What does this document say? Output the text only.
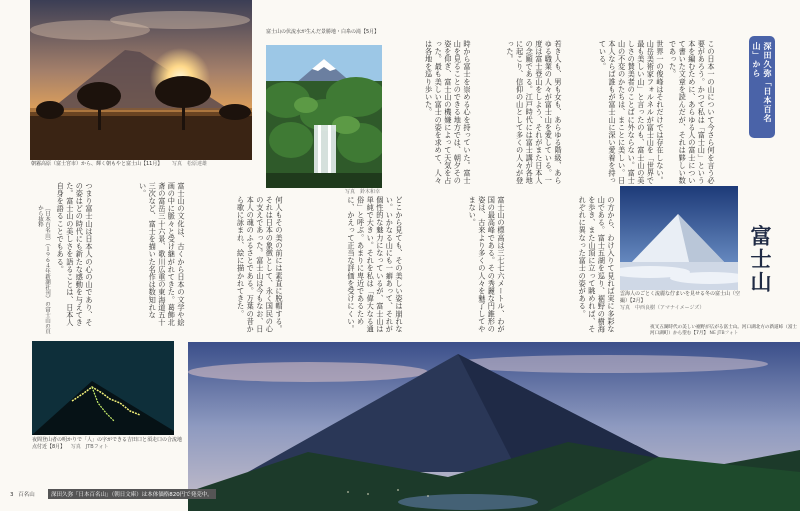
朝霧高原（富士宮市）から、輝く朝もやと富士山【11月】 写真　松原達雄
富士山の伏流水が生んだ景勝地・白糸の滝【5月】
写真　鈴木和幸
この日本一の山について今さら何を言う必要があろう。かつて私は「富士山」という本を編むために、あらゆる人の富士について書いた文章を読んだが、それは夥しい数であった。
世界一の俊峰はそれだけでは存在しない。山岳美術家フォルネルが富士山を「世界で最も美しい山」と言ったのも、富士山の美しさの賛美者のことばに外ならない。富士山の不変のかたちは、まことに美しい。日本人ならば誰もが富士山に深い愛着を持っている。
若き人も、男も女も、あらゆる階級、あらゆる職業の人々が富士山を愛している。一度は富士登山をしよう、それがまた日本人の念願である。江戸時代には富士講が各地に起こり、信仰の山として多くの人々が登った。
時から富士を崇める心を持っていた。富士山を見ることのできる地方では、朝夕その姿を仰ぎ、富士山の機嫌によって天気を占った。最も美しい富士の姿を求めて、人々は各地を巡り歩いた。	深田久弥「日本百名山」から
富士山
雲海人のごとく流麗な佇まいを見せる冬の富士山（空撮）【2月】
写真　中西良樹（アマナイメージズ）
どこから見ても、その美しい姿は崩れない。いかなる山にも一癖あって、それが個性的な魅力になっているが、富士山は単純で大きい。それを私は「偉大なる通俗」と呼ぶ。あまりに卑近であるために、かえって正当な評価を受けにくい。
何人もその美の前には素直に脱帽する。それは日本の象徴として、永く国民の心の支えであった。富士山は今もなお、日本人の魂のふるさとである。万葉の昔から歌に詠まれ、絵に描かれてきた。
富士山の文化は、古くから日本の文学や絵画の中に脈々と受け継がれてきた。葛飾北斎の富岳三十六景、歌川広重の東海道五十三次など、富士を描いた名作は数知れない。
つまり富士山は日本人の心の山であり、その姿はどの時代にも新たな感動を与えてきた。富士山の美しさを語ることは、日本人自身を語ることでもある。	の方から、わけ入りて見れば実に多彩な山である。富士五湖を巡り、裾野の樹海を歩き、また山頂に立って眺めれば、それぞれに異なった富士の姿がある。
富士山の標高は三七七六メートル、わが国の最高峰である。その秀麗な円錐形の姿は、古来より多くの人々を魅了してやまない。
〔日本百名山〕（１９６４年新潮社刊）の富士山の頁から抜粋
夜間登山者の明かりで「人」の字ができる吉田口と須走口の合流地点付近【8月】 写真　JTBフォト
夜叉五湖時代の美しい裾野が広がる富士山。河口湖北方の新道峠（富士 河口湖町）から望む【7月】 NE JTBフォト
3 百名山	深田久弥「日本百名山」（朝日文庫）は本体価格820円で発売中。
